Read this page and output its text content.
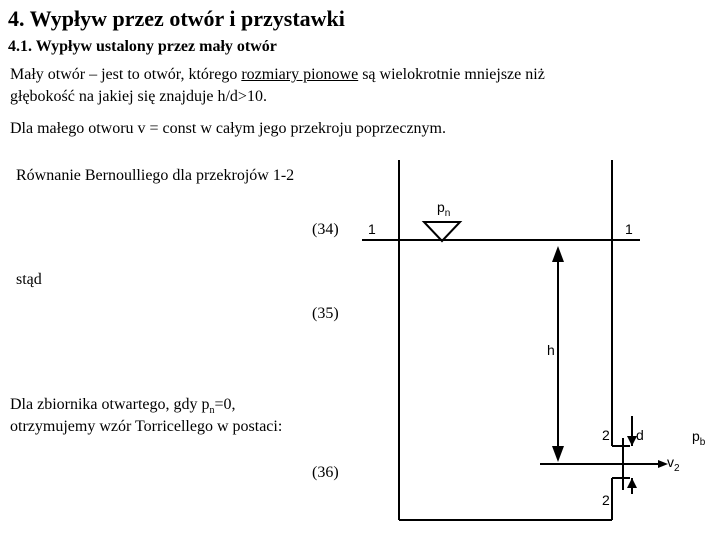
4. Wypływ przez otwór i przystawki
4.1. Wypływ ustalony przez mały otwór
Mały otwór – jest to otwór, którego rozmiary pionowe są wielokrotnie mniejsze niż
głębokość na jakiej się znajduje h/d>10.
Dla małego otworu v = const w całym jego przekroju poprzecznym.
Równanie Bernoulliego dla przekrojów 1-2
(34)
stąd
(35)
Dla zbiornika otwartego, gdy $p_n=0$,
otrzymujemy wzór Torricellego w postaci:
(36)
$p_n$
1	1
h
2
2
d	$p_b$
$v_2$
